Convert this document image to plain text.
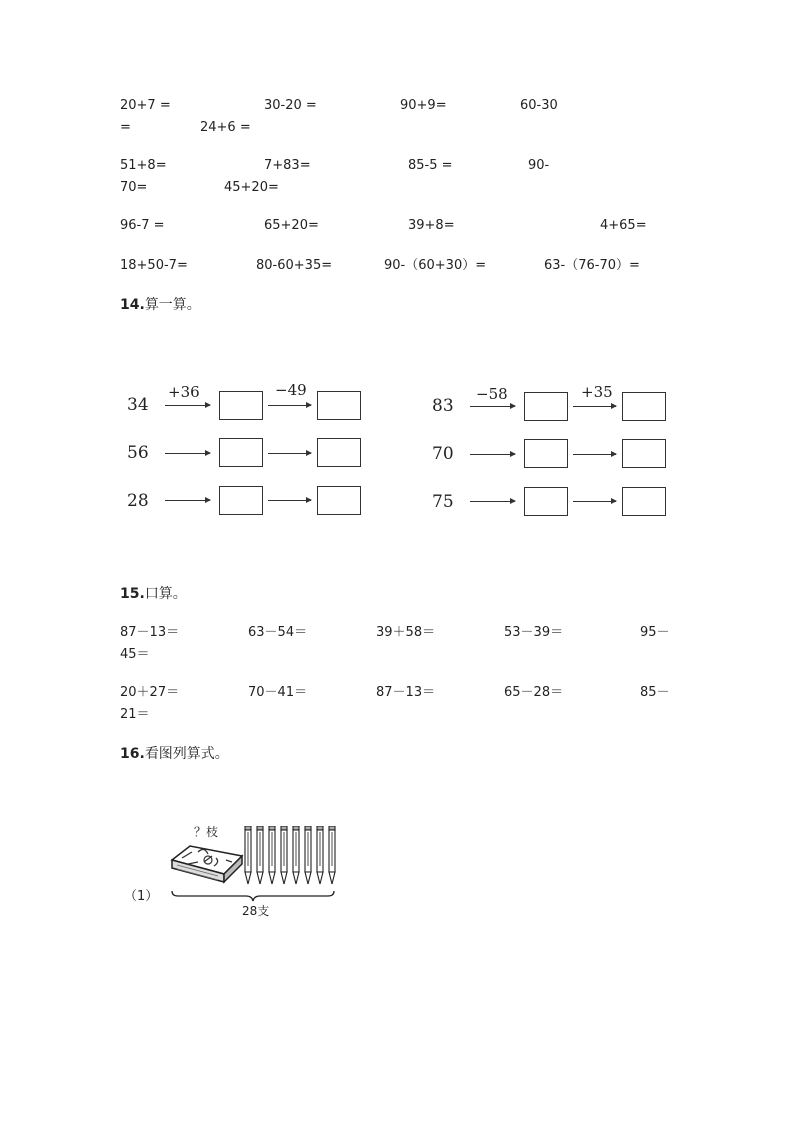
20+7 =	30-20 =	90+9=	60-30
=	24+6 =
51+8=	7+83=	85-5 =	90-
70=	45+20=
96-7 =	65+20=	39+8=	4+65=
18+50-7=	80-60+35=	90-（60+30）=	63-（76-70）=
14.算一算。
+36	−49
34
56
28
−58	+35
83
70
75
15.口算。
87－13＝	63－54＝	39＋58＝	53－39＝	95－
45＝
20＋27＝	70－41＝	87－13＝	65－28＝	85－
21＝
16.看图列算式。
（1）
？枝
28支
